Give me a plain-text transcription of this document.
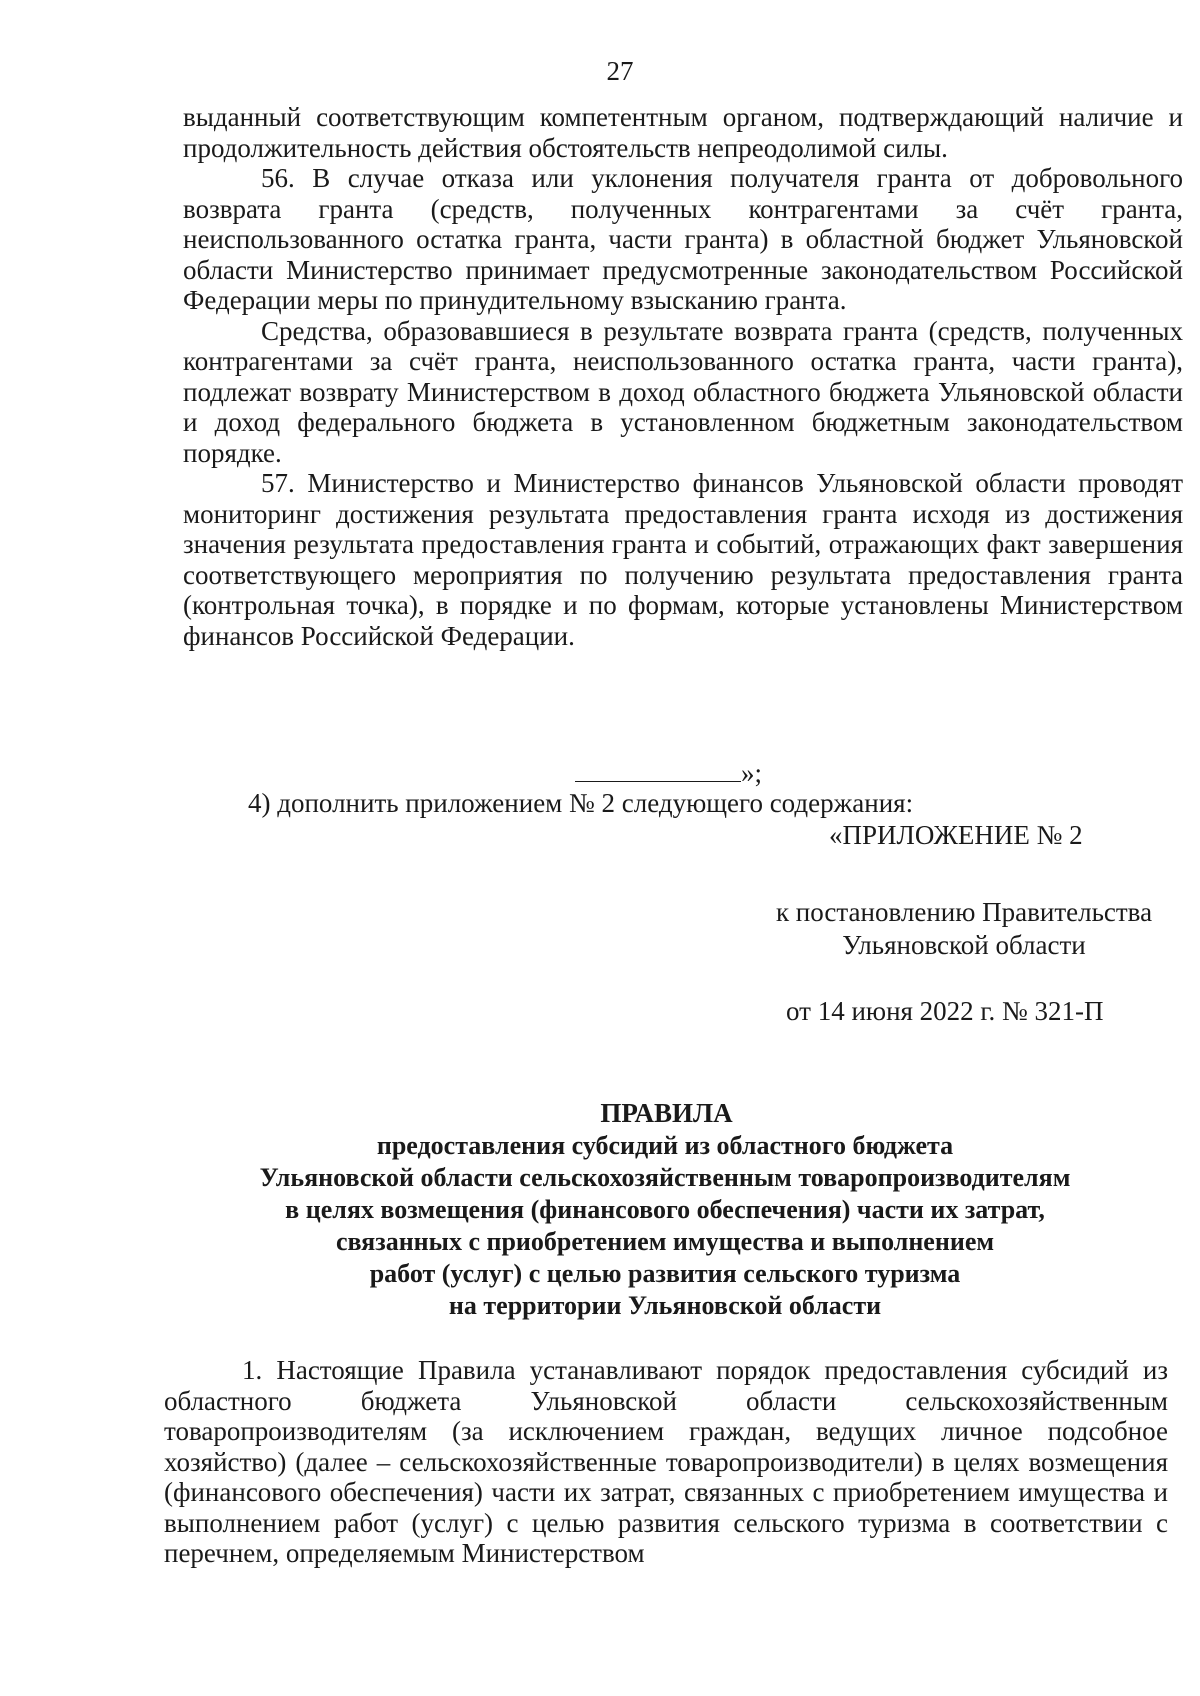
27

выданный соответствующим компетентным органом, подтверждающий наличие и продолжительность действия обстоятельств непреодолимой силы.

56. В случае отказа или уклонения получателя гранта от добровольного возврата гранта (средств, полученных контрагентами за счёт гранта, неиспользованного остатка гранта, части гранта) в областной бюджет Ульяновской области Министерство принимает предусмотренные законодательством Российской Федерации меры по принудительному взысканию гранта.

Средства, образовавшиеся в результате возврата гранта (средств, полученных контрагентами за счёт гранта, неиспользованного остатка гранта, части гранта), подлежат возврату Министерством в доход областного бюджета Ульяновской области и доход федерального бюджета в установленном бюджетным законодательством порядке.

57. Министерство и Министерство финансов Ульяновской области проводят мониторинг достижения результата предоставления гранта исходя из достижения значения результата предоставления гранта и событий, отражающих факт завершения соответствующего мероприятия по получению результата предоставления гранта (контрольная точка), в порядке и по формам, которые установлены Министерством финансов Российской Федерации.

»;
4) дополнить приложением № 2 следующего содержания:
«ПРИЛОЖЕНИЕ № 2
к постановлению Правительства
Ульяновской области
от 14 июня 2022 г. № 321-П
ПРАВИЛА
предоставления субсидий из областного бюджета
Ульяновской области сельскохозяйственным товаропроизводителям
в целях возмещения (финансового обеспечения) части их затрат,
связанных с приобретением имущества и выполнением
работ (услуг) с целью развития сельского туризма
на территории Ульяновской области

1. Настоящие Правила устанавливают порядок предоставления субсидий из областного бюджета Ульяновской области сельскохозяйственным товаропроизводителям (за исключением граждан, ведущих личное подсобное хозяйство) (далее – сельскохозяйственные товаропроизводители) в целях возмещения (финансового обеспечения) части их затрат, связанных с приобретением имущества и выполнением работ (услуг) с целью развития сельского туризма в соответствии с перечнем, определяемым Министерством
